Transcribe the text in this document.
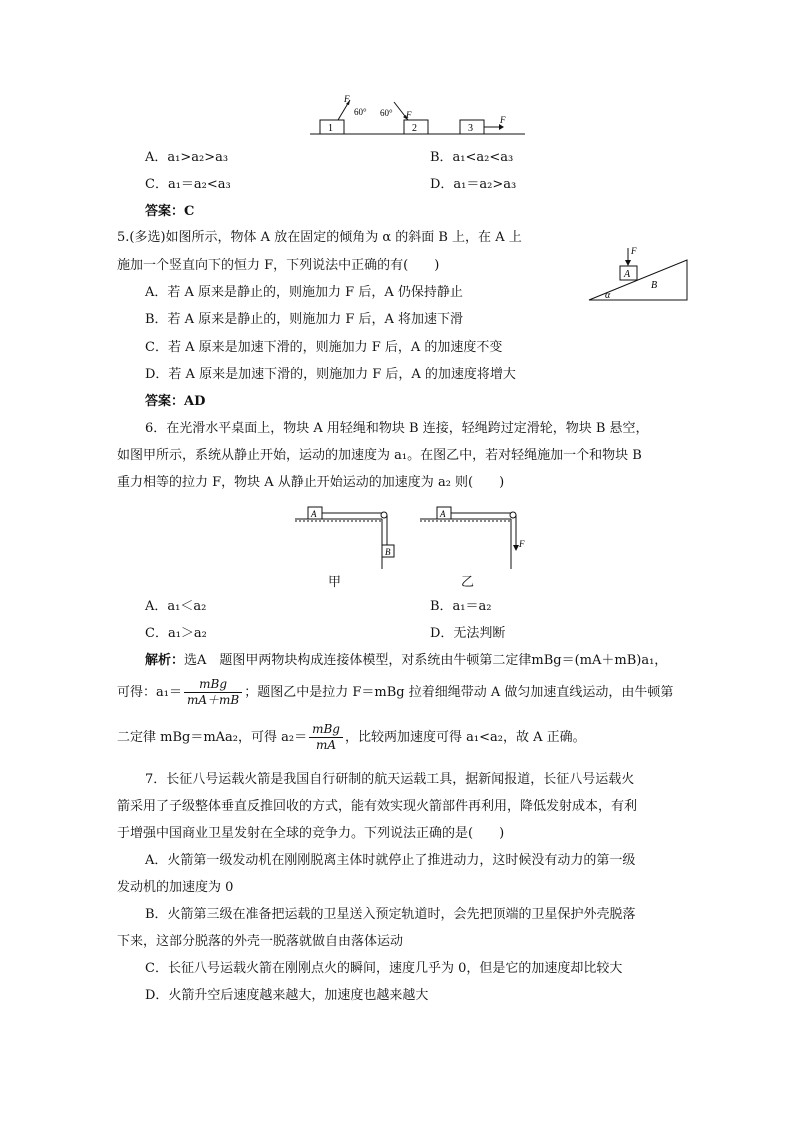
1
F
60°
2
F
60°
3
F
A．a₁>a₂>a₃	B．a₁<a₂<a₃
C．a₁＝a₂<a₃	D．a₁＝a₂>a₃
答案：C
5.(多选)如图所示，物体 A 放在固定的倾角为 α 的斜面 B 上，在 A 上
施加一个竖直向下的恒力 F，下列说法中正确的有(　　)
A
F
B
α
A．若 A 原来是静止的，则施加力 F 后，A 仍保持静止
B．若 A 原来是静止的，则施加力 F 后，A 将加速下滑
C．若 A 原来是加速下滑的，则施加力 F 后，A 的加速度不变
D．若 A 原来是加速下滑的，则施加力 F 后，A 的加速度将增大
答案：AD
6．在光滑水平桌面上，物块 A 用轻绳和物块 B 连接，轻绳跨过定滑轮，物块 B 悬空，
如图甲所示，系统从静止开始，运动的加速度为 a₁。在图乙中，若对轻绳施加一个和物块 B
重力相等的拉力 F，物块 A 从静止开始运动的加速度为 a₂ 则(　　)
A
B
甲
A
F
乙
A．a₁＜a₂	B．a₁＝a₂
C．a₁＞a₂	D．无法判断
解析：选A　题图甲两物块构成连接体模型，对系统由牛顿第二定律mBg＝(mA＋mB)a₁，
可得：$a_1= \frac{\text{mBg}}{mA+mB}$ ；题图乙中是拉力 F＝mBg 拉着细绳带动 A 做匀加速直线运动，由牛顿第
二定律 mBg＝mAa₂，可得 $a_2= \frac{\text{mBg}}{mA}$ ，比较两加速度可得 a₁<a₂，故 A 正确。
7．长征八号运载火箭是我国自行研制的航天运载工具，据新闻报道，长征八号运载火
箭采用了子级整体垂直反推回收的方式，能有效实现火箭部件再利用，降低发射成本，有利
于增强中国商业卫星发射在全球的竞争力。下列说法正确的是(　　)
A．火箭第一级发动机在刚刚脱离主体时就停止了推进动力，这时候没有动力的第一级
发动机的加速度为 0
B．火箭第三级在准备把运载的卫星送入预定轨道时，会先把顶端的卫星保护外壳脱落
下来，这部分脱落的外壳一脱落就做自由落体运动
C．长征八号运载火箭在刚刚点火的瞬间，速度几乎为 0，但是它的加速度却比较大
D．火箭升空后速度越来越大，加速度也越来越大
